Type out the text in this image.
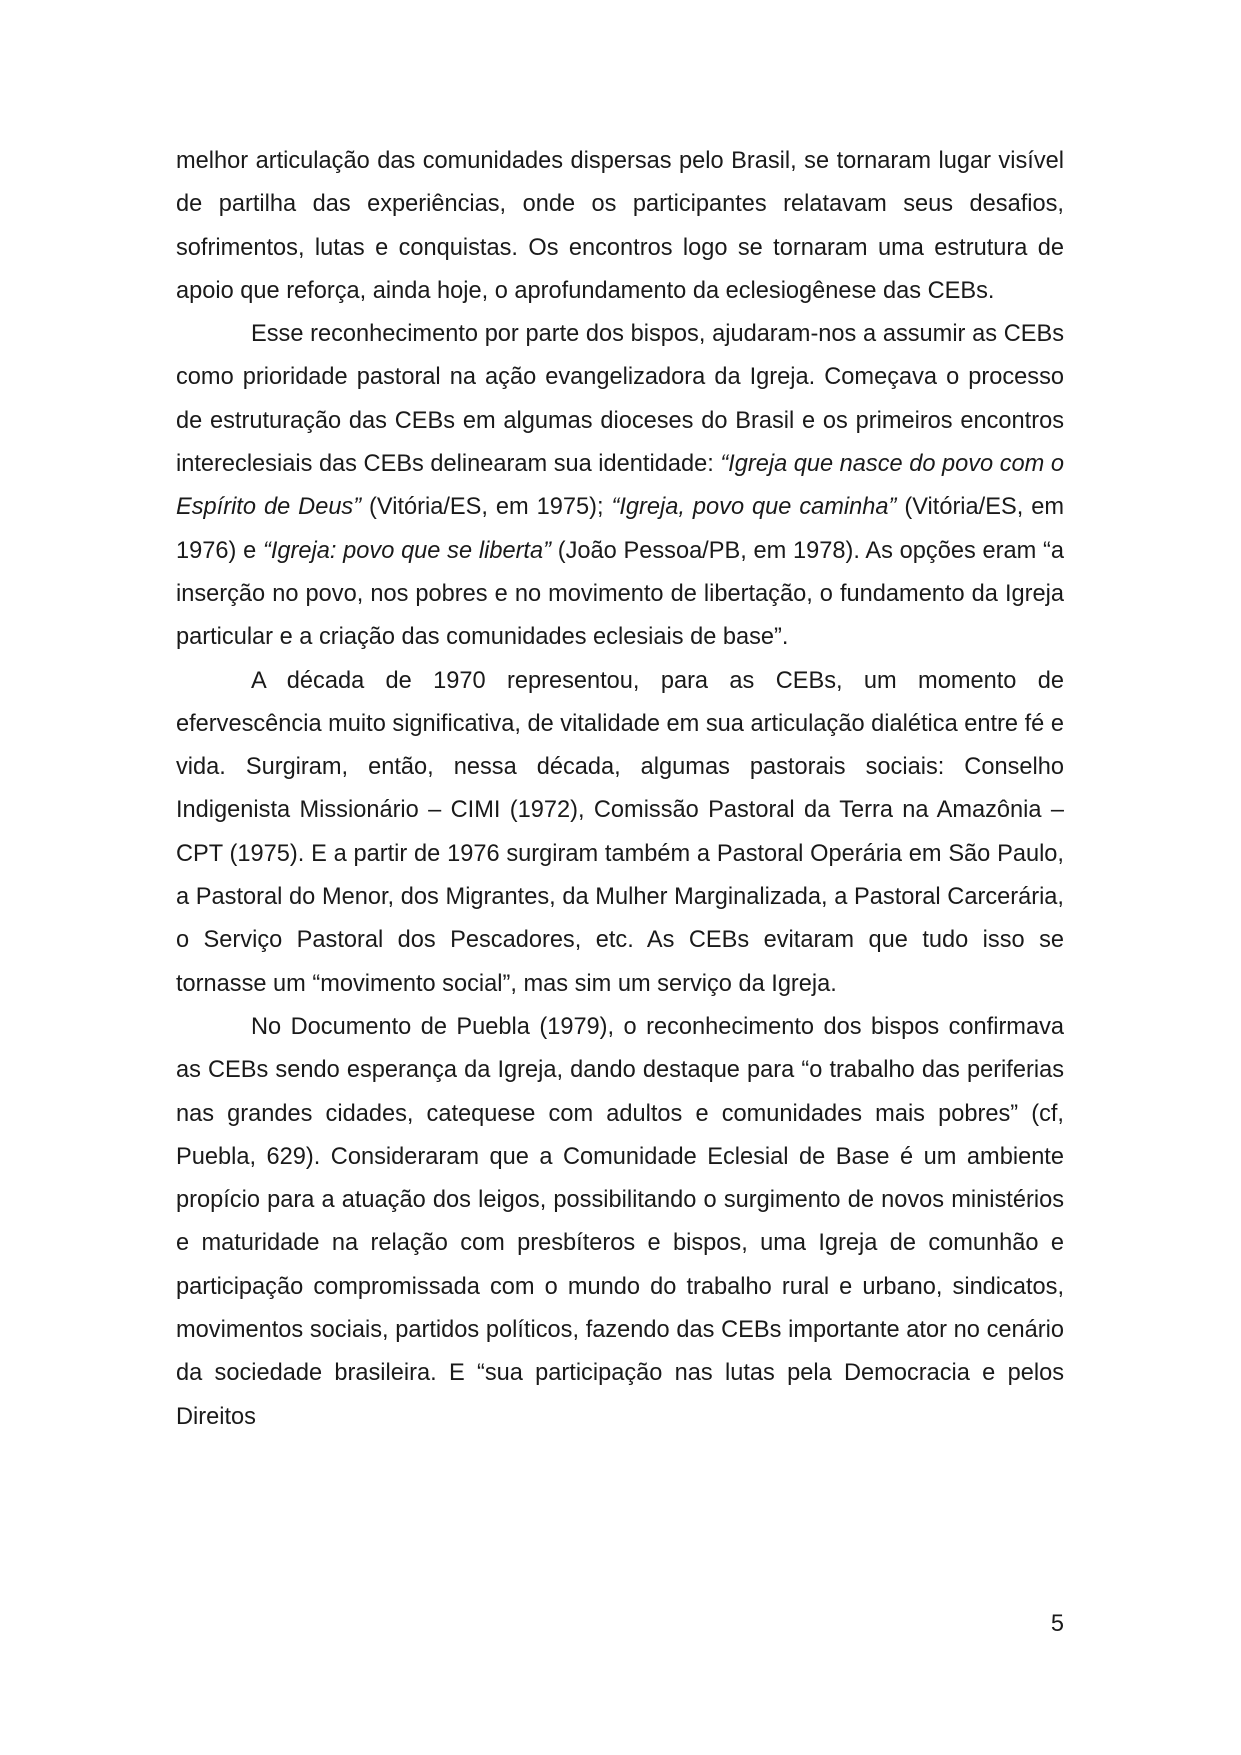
melhor articulação das comunidades dispersas pelo Brasil, se tornaram lugar visível de partilha das experiências, onde os participantes relatavam seus desafios, sofrimentos, lutas e conquistas. Os encontros logo se tornaram uma estrutura de apoio que reforça, ainda hoje, o aprofundamento da eclesiogênese das CEBs.

Esse reconhecimento por parte dos bispos, ajudaram-nos a assumir as CEBs como prioridade pastoral na ação evangelizadora da Igreja. Começava o processo de estruturação das CEBs em algumas dioceses do Brasil e os primeiros encontros intereclesiais das CEBs delinearam sua identidade: “Igreja que nasce do povo com o Espírito de Deus” (Vitória/ES, em 1975); “Igreja, povo que caminha” (Vitória/ES, em 1976) e “Igreja: povo que se liberta” (João Pessoa/PB, em 1978). As opções eram “a inserção no povo, nos pobres e no movimento de libertação, o fundamento da Igreja particular e a criação das comunidades eclesiais de base”.

A década de 1970 representou, para as CEBs, um momento de efervescência muito significativa, de vitalidade em sua articulação dialética entre fé e vida. Surgiram, então, nessa década, algumas pastorais sociais: Conselho Indigenista Missionário – CIMI (1972), Comissão Pastoral da Terra na Amazônia – CPT (1975). E a partir de 1976 surgiram também a Pastoral Operária em São Paulo, a Pastoral do Menor, dos Migrantes, da Mulher Marginalizada, a Pastoral Carcerária, o Serviço Pastoral dos Pescadores, etc. As CEBs evitaram que tudo isso se tornasse um “movimento social”, mas sim um serviço da Igreja.

No Documento de Puebla (1979), o reconhecimento dos bispos confirmava as CEBs sendo esperança da Igreja, dando destaque para “o trabalho das periferias nas grandes cidades, catequese com adultos e comunidades mais pobres” (cf, Puebla, 629). Consideraram que a Comunidade Eclesial de Base é um ambiente propício para a atuação dos leigos, possibilitando o surgimento de novos ministérios e maturidade na relação com presbíteros e bispos, uma Igreja de comunhão e participação compromissada com o mundo do trabalho rural e urbano, sindicatos, movimentos sociais, partidos políticos, fazendo das CEBs importante ator no cenário da sociedade brasileira. E “sua participação nas lutas pela Democracia e pelos Direitos

5
